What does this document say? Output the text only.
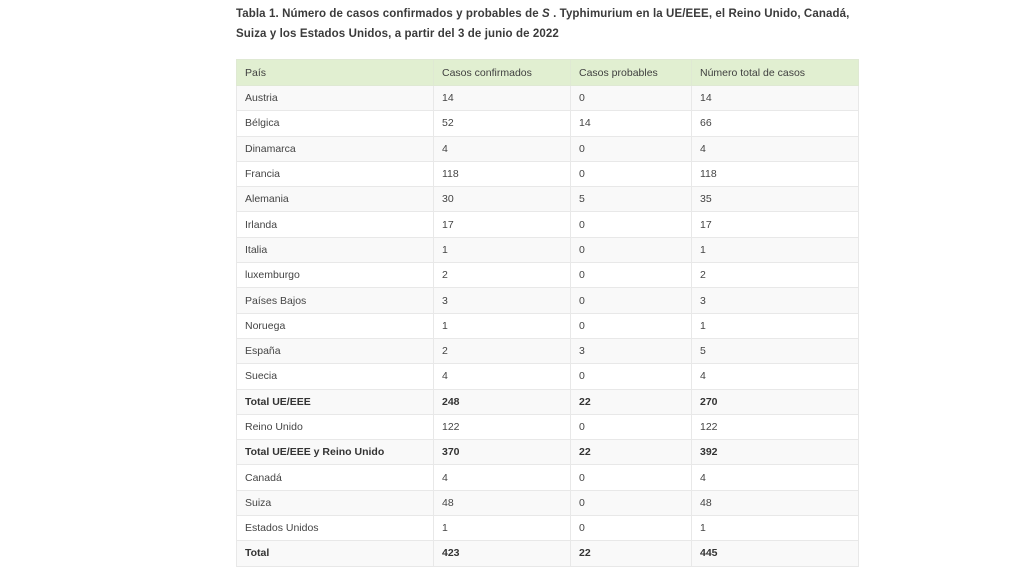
Tabla 1. Número de casos confirmados y probables de S . Typhimurium en la UE/EEE, el Reino Unido, Canadá, Suiza y los Estados Unidos, a partir del 3 de junio de 2022
País	Casos confirmados	Casos probables	Número total de casos
Austria	14	0	14
Bélgica	52	14	66
Dinamarca	4	0	4
Francia	118	0	118
Alemania	30	5	35
Irlanda	17	0	17
Italia	1	0	1
luxemburgo	2	0	2
Países Bajos	3	0	3
Noruega	1	0	1
España	2	3	5
Suecia	4	0	4
Total UE/EEE	248	22	270
Reino Unido	122	0	122
Total UE/EEE y Reino Unido	370	22	392
Canadá	4	0	4
Suiza	48	0	48
Estados Unidos	1	0	1
Total	423	22	445
